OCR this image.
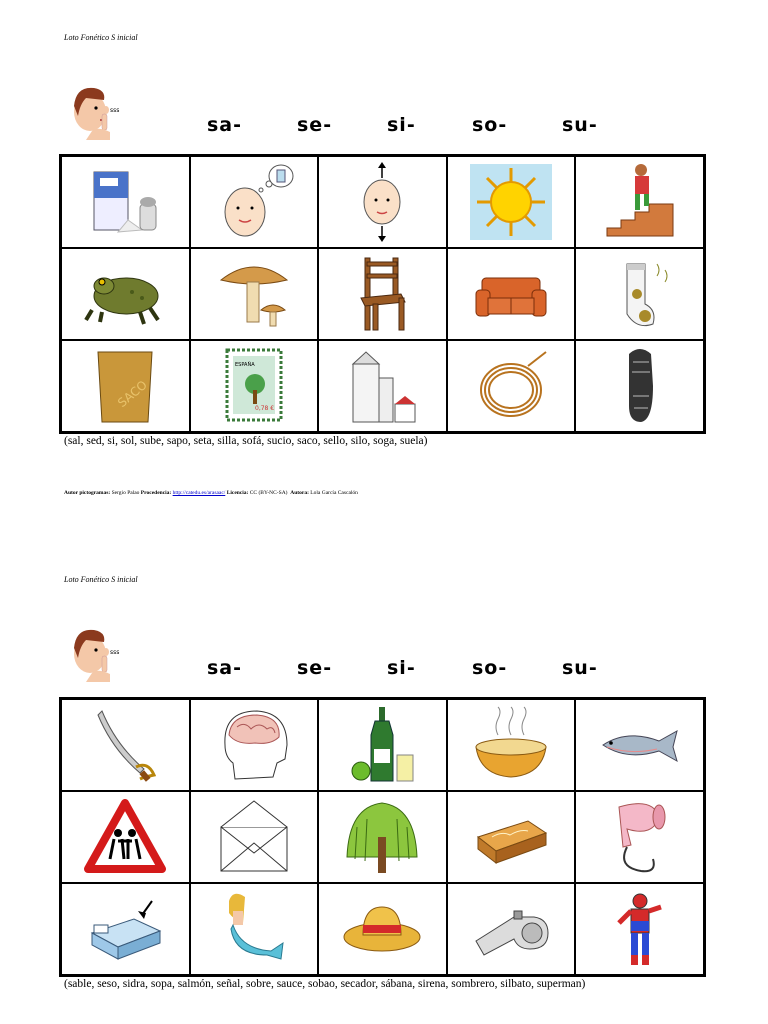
Loto Fonético S inicial
sss
sa-	se-	si-	so-	su-
SACO
ESPAÑA
0,78 €
(sal, sed, si, sol, sube, sapo, seta, silla, sofá, sucio, saco, sello, silo, soga, suela)
Autor pictogramas: Sergio Palao Procedencia: http://catedu.es/arasaac/ Licencia: CC (BY-NC-SA) Autora: Lola García Cascalón
Loto Fonético S inicial
sss
sa-	se-	si-	so-	su-
(sable, seso, sidra, sopa, salmón, señal, sobre, sauce, sobao, secador, sábana, sirena, sombrero, silbato, superman)
